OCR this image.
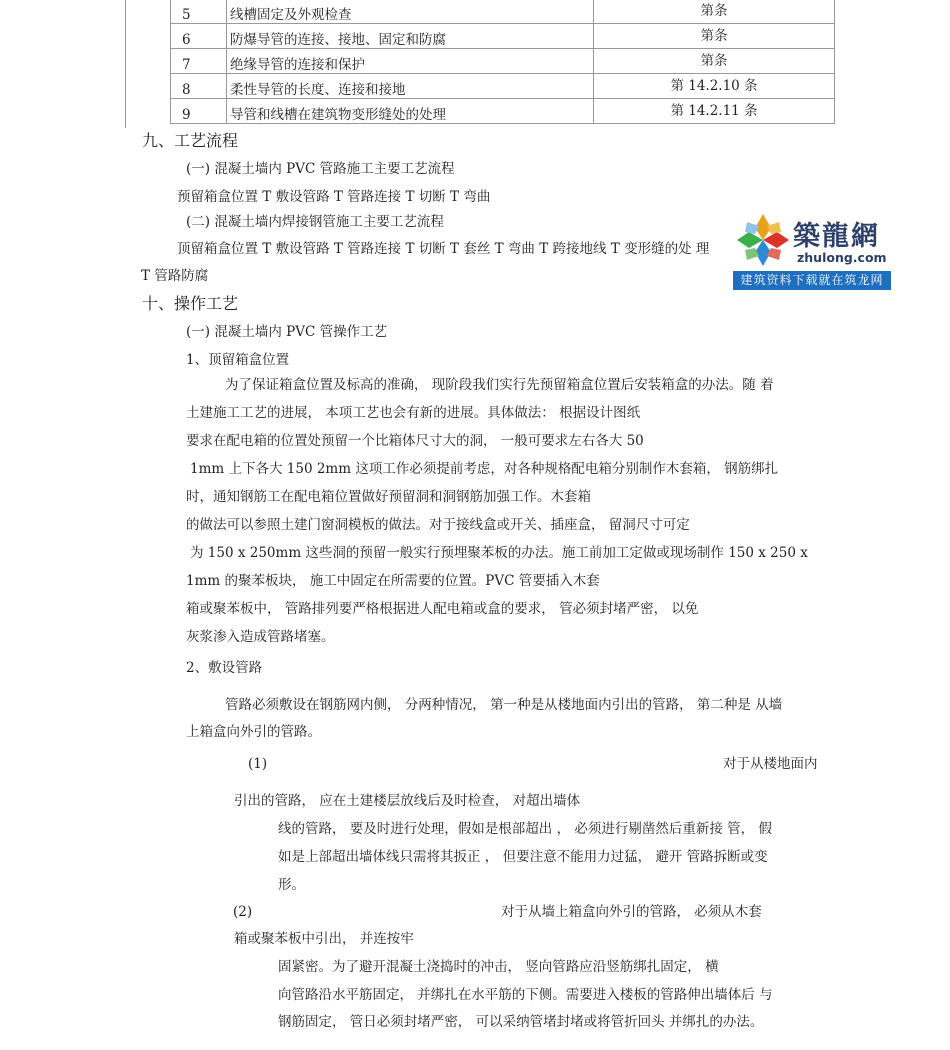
5	线槽固定及外观检查	第条
6	防爆导管的连接、接地、固定和防腐	第条
7	绝缘导管的连接和保护	第条
8	柔性导管的长度、连接和接地	第 14.2.10 条
9	导管和线槽在建筑物变形缝处的处理	第 14.2.11 条
築龍網
zhulong.com
建筑资料下载就在筑龙网
九、工艺流程
(一) 混凝土墙内 PVC 管路施工主要工艺流程
预留箱盒位置 T 敷设管路 T 管路连接 T 切断 T 弯曲
(二) 混凝土墙内焊接钢管施工主要工艺流程
顶留箱盒位置 T 敷设管路 T 管路连接 T 切断 T 套丝 T 弯曲 T 跨接地线 T 变形缝的处 理
T 管路防腐
十、操作工艺
(一) 混凝土墙内 PVC 管操作工艺
1、顶留箱盒位置
为了保证箱盒位置及标高的准确， 现阶段我们实行先预留箱盒位置后安装箱盒的办法。随 着
土建施工工艺的进展， 本项工艺也会有新的进展。具体做法： 根据设计图纸
要求在配电箱的位置处预留一个比箱体尺寸大的洞， 一般可要求左右各大 50
1mm 上下各大 150 2mm 这项工作必须提前考虑，对各种规格配电箱分别制作木套箱， 钢筋绑扎
时，通知钢筋工在配电箱位置做好预留洞和洞钢筋加强工作。木套箱
的做法可以参照土建门窗洞模板的做法。对于接线盒或开关、插座盒， 留洞尺寸可定
为 150 x 250mm 这些洞的预留一般实行预埋聚苯板的办法。施工前加工定做或现场制作 150 x 250 x
1mm 的聚苯板块， 施工中固定在所需要的位置。PVC 管要插入木套
箱或聚苯板中， 管路排列要严格根据进人配电箱或盒的要求， 管必须封堵严密， 以免
灰浆渗入造成管路堵塞。
2、敷设管路
管路必须敷设在钢筋网内侧， 分两种情况， 第一种是从楼地面内引出的管路， 第二种是 从墙
上箱盒向外引的管路。
(1)	对于从楼地面内
引出的管路， 应在土建楼层放线后及时检查， 对超出墙体
线的管路， 要及时进行处理，假如是根部超出 ， 必须进行剔凿然后重新接 管， 假
如是上部超出墙体线只需将其扳正 ， 但要注意不能用力过猛， 避开 管路拆断或变
形。
(2)	对于从墙上箱盒向外引的管路， 必须从木套
箱或聚苯板中引出， 并连按牢
固紧密。为了避开混凝土浇捣时的冲击， 竖向管路应沿竖筋绑扎固定， 横
向管路沿水平筋固定， 并绑扎在水平筋的下侧。需要进入楼板的管路伸出墙体后 与
钢筋固定， 管日必须封堵严密， 可以采纳管堵封堵或将管折回头 并绑扎的办法。
